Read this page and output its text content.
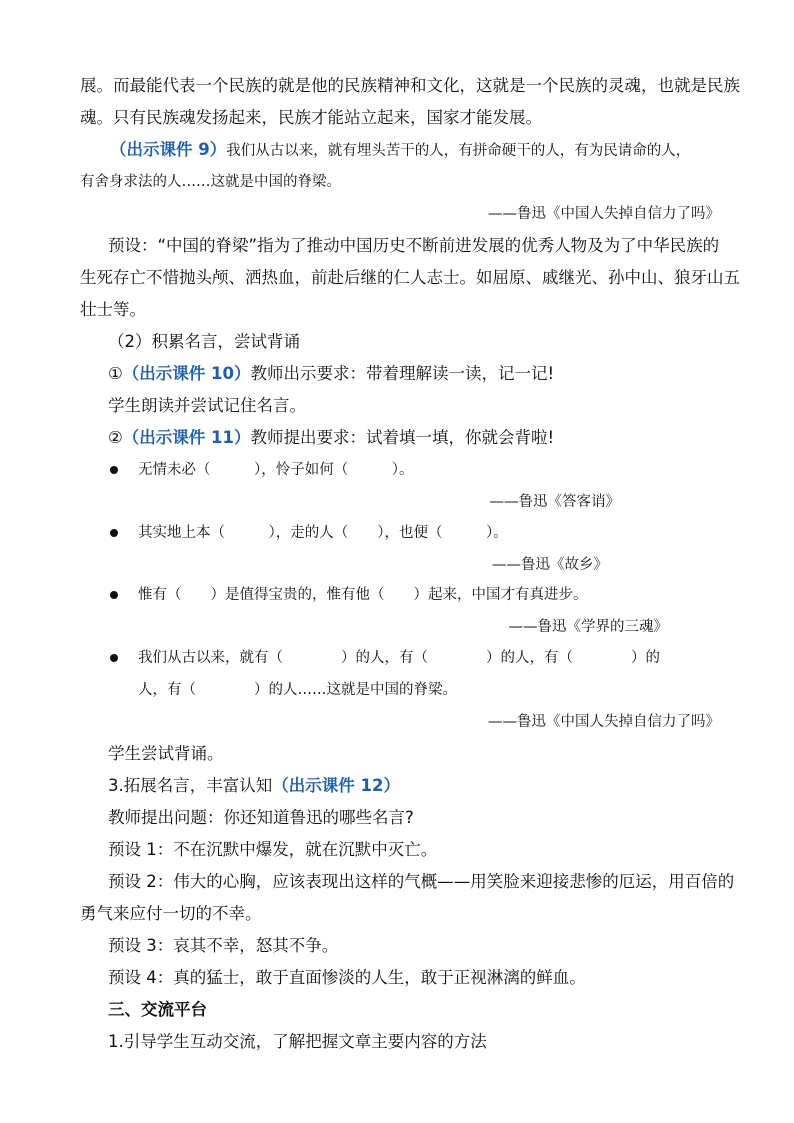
展。而最能代表一个民族的就是他的民族精神和文化，这就是一个民族的灵魂，也就是民族
魂。只有民族魂发扬起来，民族才能站立起来，国家才能发展。
（出示课件 9）我们从古以来，就有埋头苦干的人，有拼命硬干的人，有为民请命的人，
有舍身求法的人……这就是中国的脊梁。
——鲁迅《中国人失掉自信力了吗》
预设：“中国的脊梁”指为了推动中国历史不断前进发展的优秀人物及为了中华民族的
生死存亡不惜抛头颅、洒热血，前赴后继的仁人志士。如屈原、戚继光、孙中山、狼牙山五
壮士等。
（2）积累名言，尝试背诵
①（出示课件 10）教师出示要求：带着理解读一读，记一记!
学生朗读并尝试记住名言。
②（出示课件 11）教师提出要求：试着填一填，你就会背啦!
无情未必（　　　），怜子如何（　　　）。
——鲁迅《答客诮》
其实地上本（　　　），走的人（　　），也便（　　　）。
——鲁迅《故乡》
惟有（　　）是值得宝贵的，惟有他（　　）起来，中国才有真进步。
——鲁迅《学界的三魂》
我们从古以来，就有（　　　　）的人，有（　　　　）的人，有（　　　　）的
人，有（　　　　）的人……这就是中国的脊梁。
——鲁迅《中国人失掉自信力了吗》
学生尝试背诵。
3.拓展名言，丰富认知（出示课件 12）
教师提出问题：你还知道鲁迅的哪些名言?
预设 1：不在沉默中爆发，就在沉默中灭亡。
预设 2：伟大的心胸，应该表现出这样的气概——用笑脸来迎接悲惨的厄运，用百倍的
勇气来应付一切的不幸。
预设 3：哀其不幸，怒其不争。
预设 4：真的猛士，敢于直面惨淡的人生，敢于正视淋漓的鲜血。
三、交流平台
1.引导学生互动交流，了解把握文章主要内容的方法
